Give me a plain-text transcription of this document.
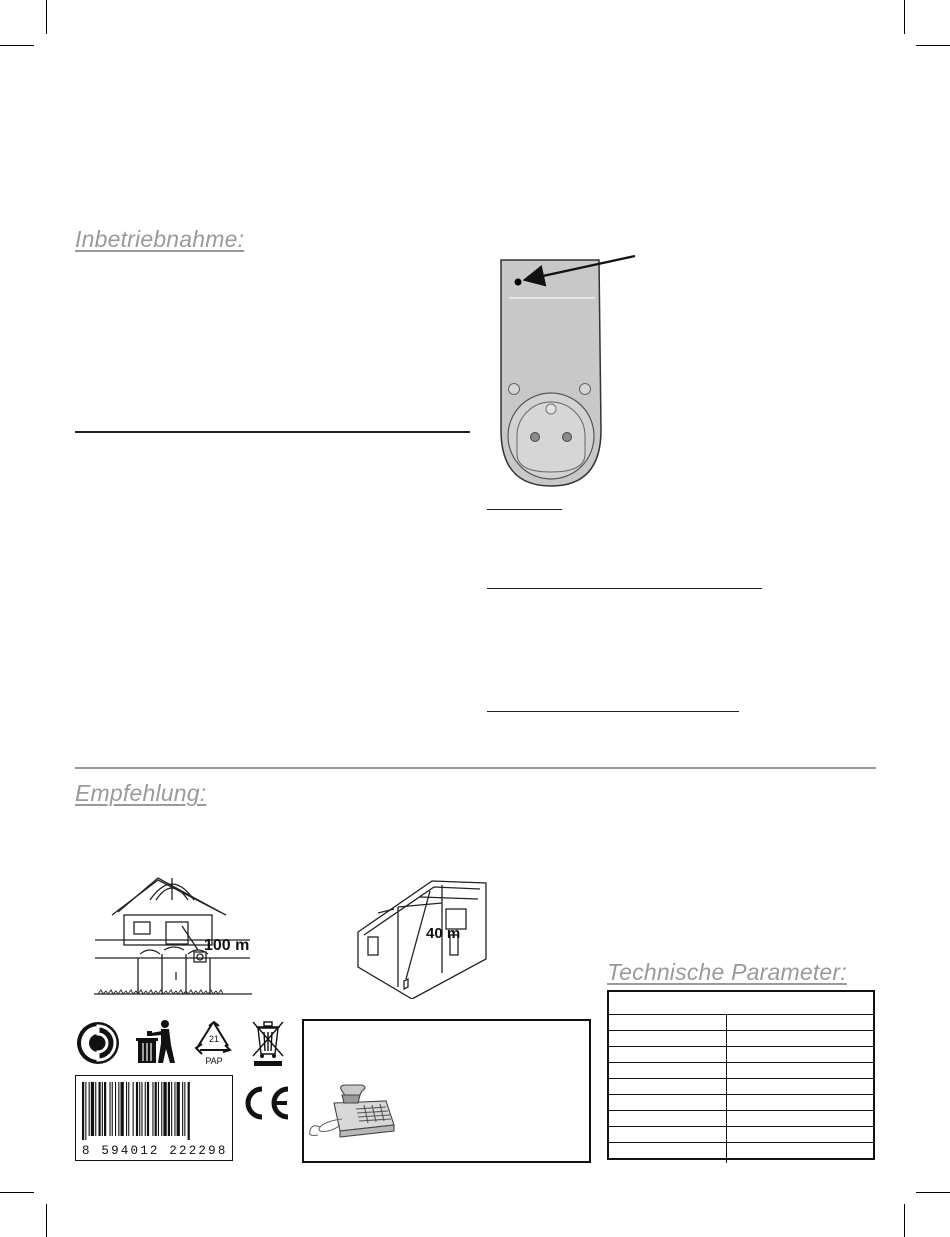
Inbetriebnahme:
Empfehlung:
100 m
40 m
Technische Parameter:
21
PAP
8 594012 222298
